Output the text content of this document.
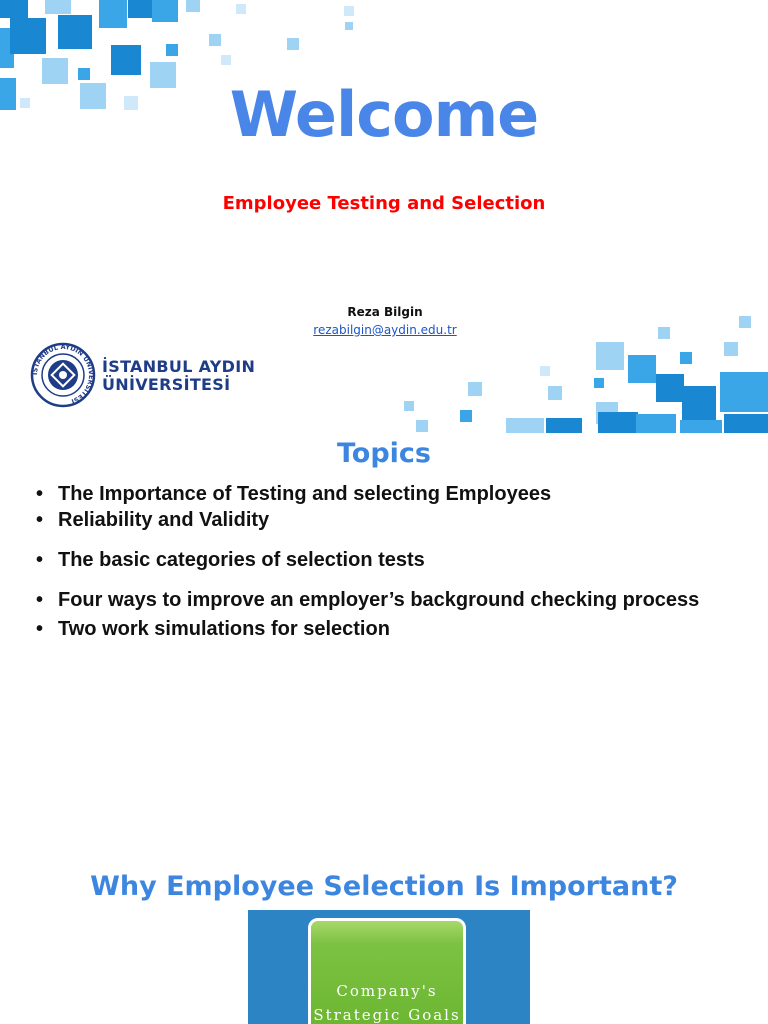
Welcome
Employee Testing and Selection
Reza Bilgin
rezabilgin@aydin.edu.tr
İSTANBUL AYDIN ÜNİVERSİTESİ
İSTANBUL AYDIN
ÜNİVERSİTESİ
Topics
• The Importance of Testing and selecting Employees
• Reliability and Validity
• The basic categories of selection tests
• Four ways to improve an employer’s background checking process
• Two work simulations for selection
Why Employee Selection Is Important?
Company's
Strategic Goals
